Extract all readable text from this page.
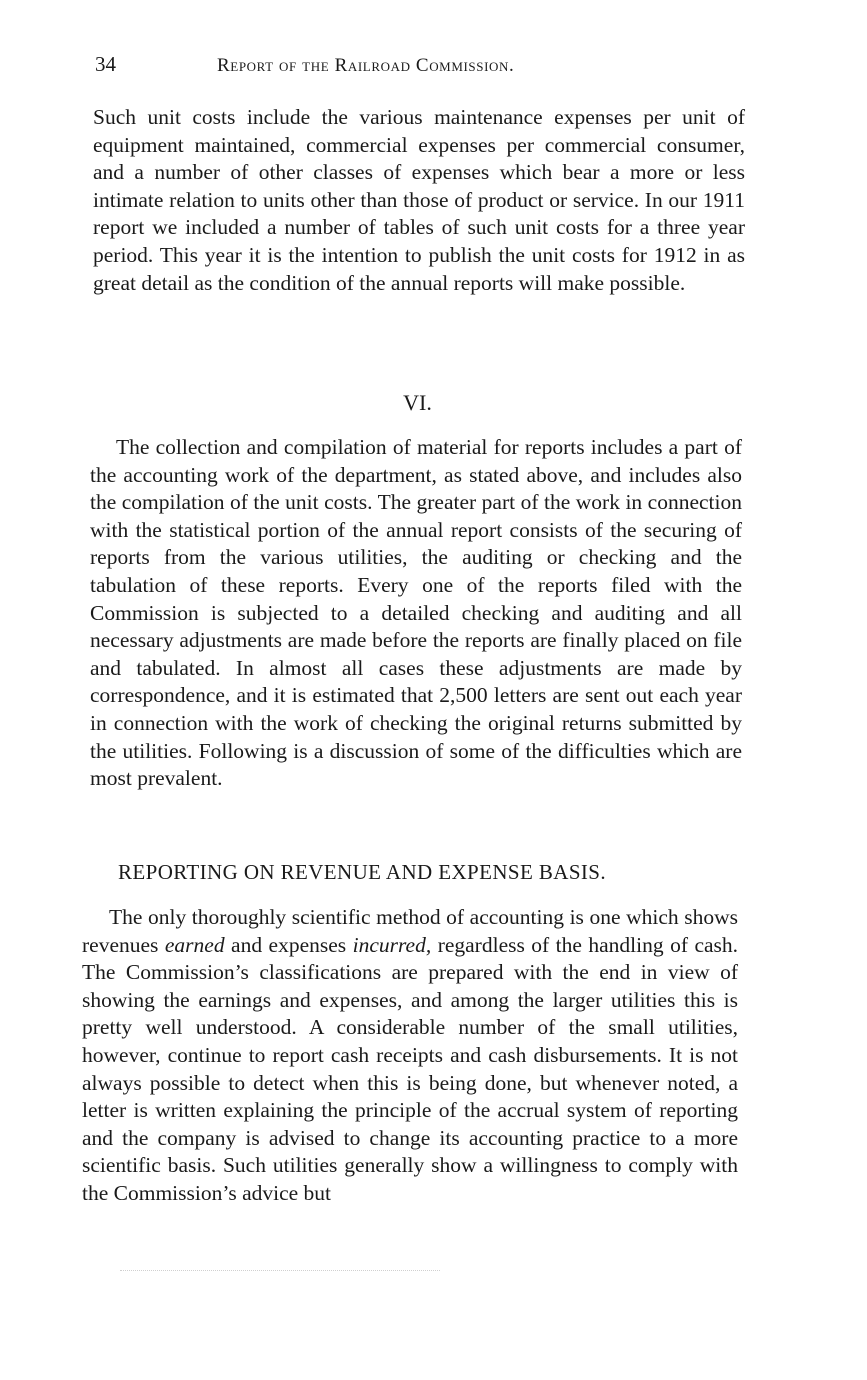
34	Report of the Railroad Commission.

Such unit costs include the various maintenance expenses per unit of equipment maintained, commercial expenses per commercial consumer, and a number of other classes of expenses which bear a more or less intimate relation to units other than those of product or service. In our 1911 report we included a number of tables of such unit costs for a three year period. This year it is the intention to publish the unit costs for 1912 in as great detail as the condition of the annual reports will make possible.

VI.

The collection and compilation of material for reports includes a part of the accounting work of the department, as stated above, and includes also the compilation of the unit costs. The greater part of the work in connection with the statistical portion of the annual report consists of the securing of reports from the various utilities, the auditing or checking and the tabulation of these reports. Every one of the reports filed with the Commission is subjected to a detailed checking and auditing and all necessary adjustments are made before the reports are finally placed on file and tabulated. In almost all cases these adjustments are made by correspondence, and it is estimated that 2,500 letters are sent out each year in connection with the work of checking the original returns submitted by the utilities. Following is a discussion of some of the difficulties which are most prevalent.

REPORTING ON REVENUE AND EXPENSE BASIS.

The only thoroughly scientific method of accounting is one which shows revenues earned and expenses incurred, regardless of the handling of cash. The Commission’s classifications are prepared with the end in view of showing the earnings and expenses, and among the larger utilities this is pretty well understood. A considerable number of the small utilities, however, continue to report cash receipts and cash disbursements. It is not always possible to detect when this is being done, but whenever noted, a letter is written explaining the principle of the accrual system of reporting and the company is advised to change its accounting practice to a more scientific basis. Such utilities generally show a willingness to comply with the Commission’s advice but
